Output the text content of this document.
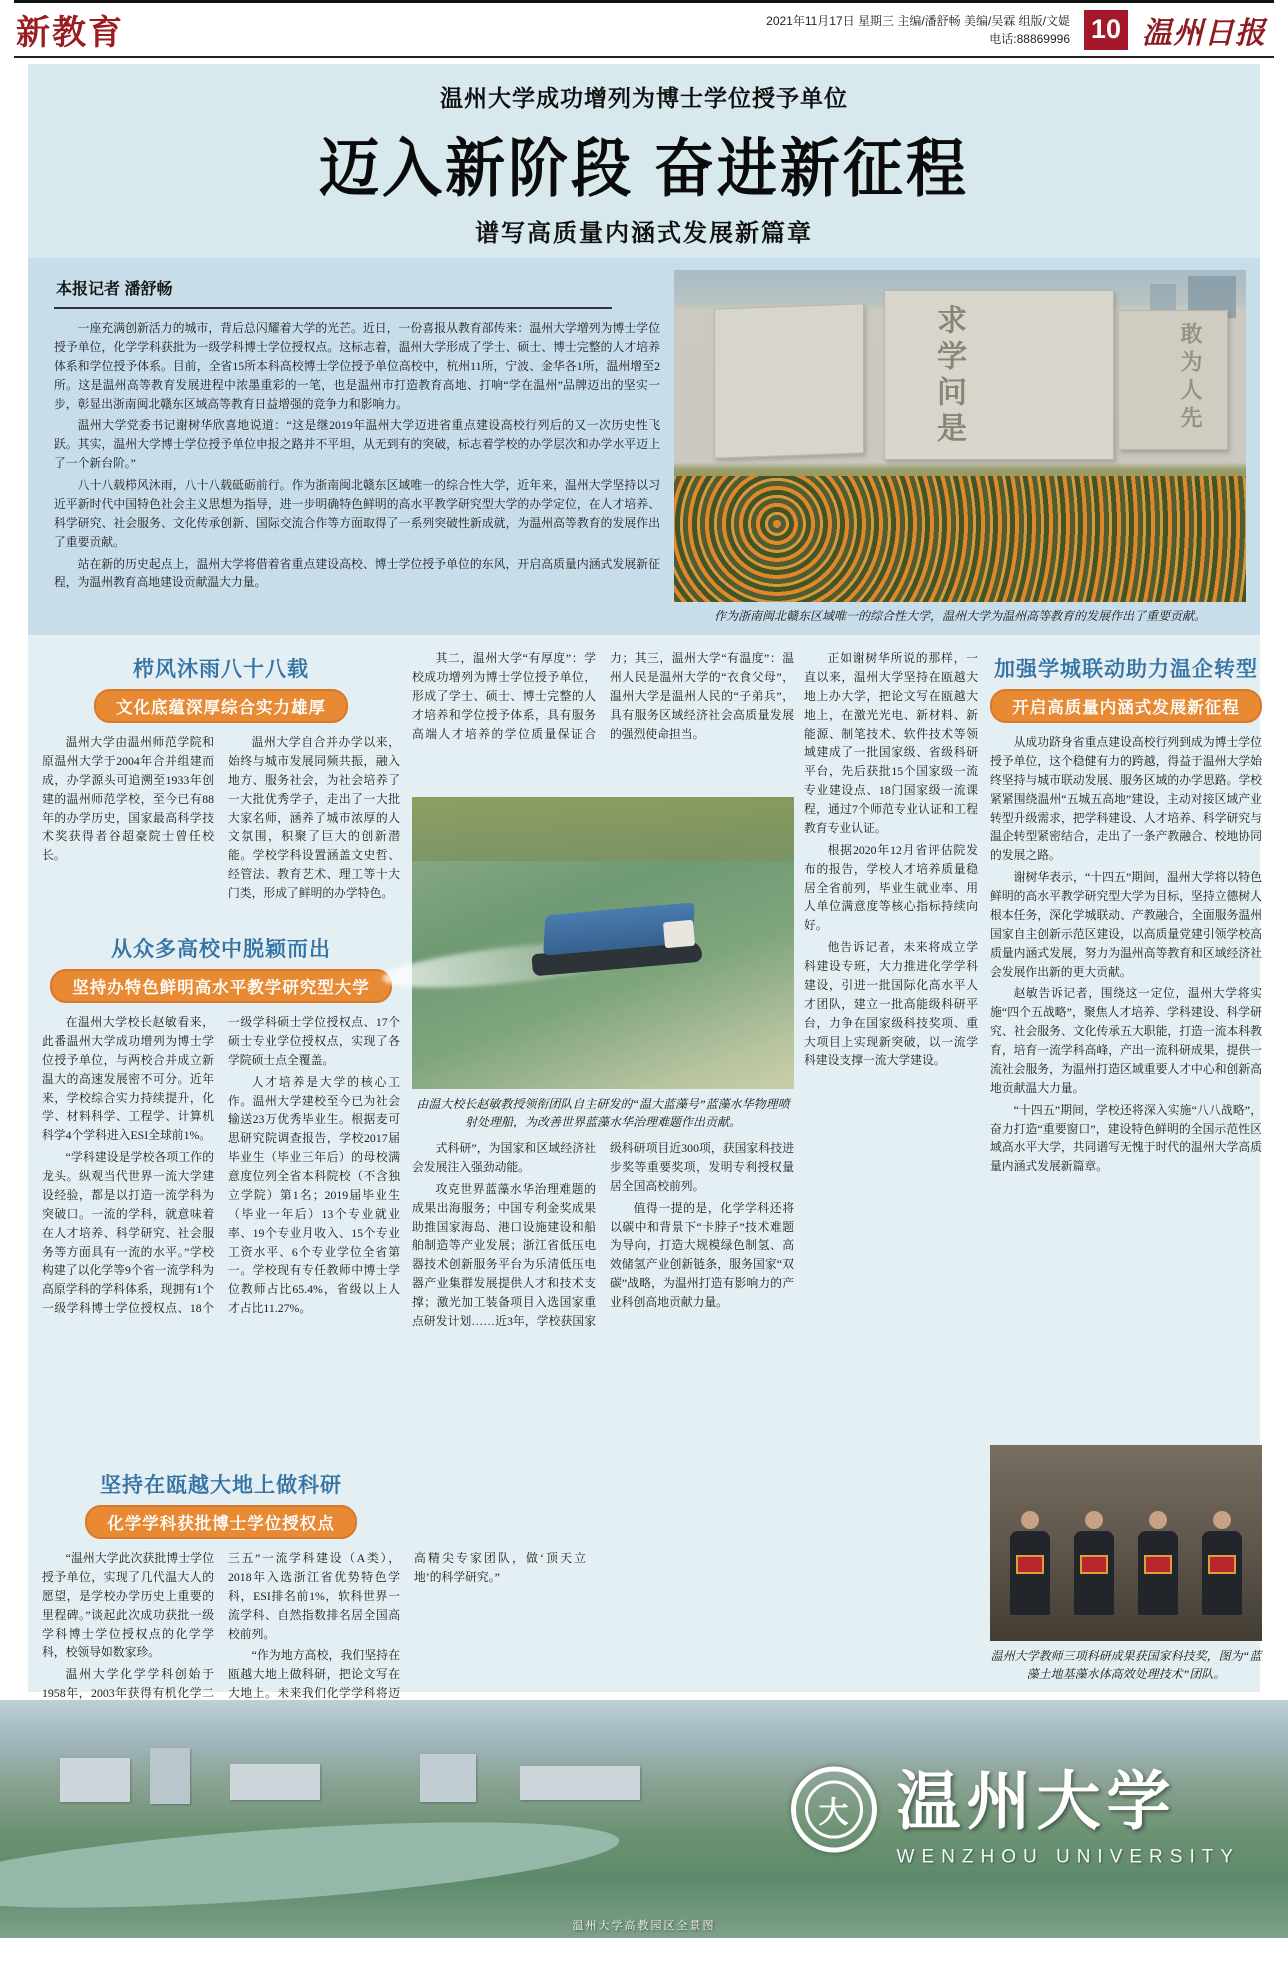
新教育	2021年11月17日 星期三 主编/潘舒畅 美编/吴霖 组版/文媞
电话:88869996 10 温州日报
温州大学成功增列为博士学位授予单位
迈入新阶段 奋进新征程
谱写高质量内涵式发展新篇章
本报记者 潘舒畅

一座充满创新活力的城市，背后总闪耀着大学的光芒。近日，一份喜报从教育部传来：温州大学增列为博士学位授予单位，化学学科获批为一级学科博士学位授权点。这标志着，温州大学形成了学士、硕士、博士完整的人才培养体系和学位授予体系。目前，全省15所本科高校博士学位授予单位高校中，杭州11所，宁波、金华各1所，温州增至2所。这是温州高等教育发展进程中浓墨重彩的一笔，也是温州市打造教育高地、打响“学在温州”品牌迈出的坚实一步，彰显出浙南闽北赣东区域高等教育日益增强的竞争力和影响力。

温州大学党委书记谢树华欣喜地说道：“这是继2019年温州大学迈进省重点建设高校行列后的又一次历史性飞跃。其实，温州大学博士学位授予单位申报之路并不平坦，从无到有的突破，标志着学校的办学层次和办学水平迈上了一个新台阶。”

八十八载栉风沐雨，八十八载砥砺前行。作为浙南闽北赣东区域唯一的综合性大学，近年来，温州大学坚持以习近平新时代中国特色社会主义思想为指导，进一步明确特色鲜明的高水平教学研究型大学的办学定位，在人才培养、科学研究、社会服务、文化传承创新、国际交流合作等方面取得了一系列突破性新成就，为温州高等教育的发展作出了重要贡献。

站在新的历史起点上，温州大学将借着省重点建设高校、博士学位授予单位的东风，开启高质量内涵式发展新征程，为温州教育高地建设贡献温大力量。

求学问是	敢为人先
作为浙南闽北赣东区域唯一的综合性大学，温州大学为温州高等教育的发展作出了重要贡献。
栉风沐雨八十八载
文化底蕴深厚综合实力雄厚

温州大学由温州师范学院和原温州大学于2004年合并组建而成，办学源头可追溯至1933年创建的温州师范学校，至今已有88年的办学历史，国家最高科学技术奖获得者谷超豪院士曾任校长。

温州大学自合并办学以来，始终与城市发展同频共振，融入地方、服务社会，为社会培养了一大批优秀学子，走出了一大批大家名师，涵养了城市浓厚的人文氛围，积聚了巨大的创新潜能。学校学科设置涵盖文史哲、经管法、教育艺术、理工等十大门类，形成了鲜明的办学特色。

从众多高校中脱颖而出
坚持办特色鲜明高水平教学研究型大学

在温州大学校长赵敏看来，此番温州大学成功增列为博士学位授予单位，与两校合并成立新温大的高速发展密不可分。近年来，学校综合实力持续提升，化学、材料科学、工程学、计算机科学4个学科进入ESI全球前1%。

“学科建设是学校各项工作的龙头。纵观当代世界一流大学建设经验，都是以打造一流学科为突破口。一流的学科，就意味着在人才培养、科学研究、社会服务等方面具有一流的水平。”学校构建了以化学等9个省一流学科为高原学科的学科体系，现拥有1个一级学科博士学位授权点、18个一级学科硕士学位授权点、17个硕士专业学位授权点，实现了各学院硕士点全覆盖。

人才培养是大学的核心工作。温州大学建校至今已为社会输送23万优秀毕业生。根据麦可思研究院调查报告，学校2017届毕业生（毕业三年后）的母校满意度位列全省本科院校（不含独立学院）第1名；2019届毕业生（毕业一年后）13个专业就业率、19个专业月收入、15个专业工资水平、6个专业学位全省第一。学校现有专任教师中博士学位教师占比65.4%，省级以上人才占比11.27%。

坚持在瓯越大地上做科研
化学学科获批博士学位授权点

“温州大学此次获批博士学位授予单位，实现了几代温大人的愿望，是学校办学历史上重要的里程碑。”谈起此次成功获批一级学科博士学位授权点的化学学科，校领导如数家珍。

温州大学化学学科创始于1958年，2003年获得有机化学二 三五”一流学科建设（A类），2018年入选浙江省优势特色学科，ESI排名前1%，软科世界一流学科、自然指数排名居全国高校前列。

“作为地方高校，我们坚持在瓯越大地上做科研，把论文写在大地上。未来我们化学学科将迈 高精尖专家团队，做‘顶天立地’的科学研究。”

其二，温州大学“有厚度”：学校成功增列为博士学位授予单位，形成了学士、硕士、博士完整的人才培养和学位授予体系，具有服务高端人才培养的学位质量保证合力；其三，温州大学“有温度”：温州人民是温州大学的“衣食父母”，温州大学是温州人民的“子弟兵”，具有服务区域经济社会高质量发展的强烈使命担当。

由温大校长赵敏教授领衔团队自主研发的“温大蓝藻号”蓝藻水华物理喷射处理船，为改善世界蓝藻水华治理难题作出贡献。

式科研”，为国家和区域经济社会发展注入强劲动能。

攻克世界蓝藻水华治理难题的成果出海服务；中国专利金奖成果助推国家海岛、港口设施建设和船舶制造等产业发展；浙江省低压电器技术创新服务平台为乐清低压电器产业集群发展提供人才和技术支撑；激光加工装备项目入选国家重点研发计划……近3年，学校获国家级科研项目近300项，获国家科技进步奖等重要奖项，发明专利授权量居全国高校前列。

值得一提的是，化学学科还将以碳中和背景下“卡脖子”技术难题为导向，打造大规模绿色制氢、高效储氢产业创新链条，服务国家“双碳”战略，为温州打造有影响力的产业科创高地贡献力量。

正如谢树华所说的那样，一直以来，温州大学坚持在瓯越大地上办大学，把论文写在瓯越大地上，在激光光电、新材料、新能源、制笔技术、软件技术等领域建成了一批国家级、省级科研平台，先后获批15个国家级一流专业建设点、18门国家级一流课程，通过7个师范专业认证和工程教育专业认证。

根据2020年12月省评估院发布的报告，学校人才培养质量稳居全省前列，毕业生就业率、用人单位满意度等核心指标持续向好。

他告诉记者，未来将成立学科建设专班，大力推进化学学科建设，引进一批国际化高水平人才团队，建立一批高能级科研平台，力争在国家级科技奖项、重大项目上实现新突破，以一流学科建设支撑一流大学建设。

加强学城联动助力温企转型
开启高质量内涵式发展新征程

从成功跻身省重点建设高校行列到成为博士学位授予单位，这个稳健有力的跨越，得益于温州大学始终坚持与城市联动发展、服务区域的办学思路。学校紧紧围绕温州“五城五高地”建设，主动对接区域产业转型升级需求，把学科建设、人才培养、科学研究与温企转型紧密结合，走出了一条产教融合、校地协同的发展之路。

谢树华表示，“十四五”期间，温州大学将以特色鲜明的高水平教学研究型大学为目标，坚持立德树人根本任务，深化学城联动、产教融合，全面服务温州国家自主创新示范区建设，以高质量党建引领学校高质量内涵式发展，努力为温州高等教育和区域经济社会发展作出新的更大贡献。

赵敏告诉记者，围绕这一定位，温州大学将实施“四个五战略”，聚焦人才培养、学科建设、科学研究、社会服务、文化传承五大职能，打造一流本科教育，培育一流学科高峰，产出一流科研成果，提供一流社会服务，为温州打造区域重要人才中心和创新高地贡献温大力量。

“十四五”期间，学校还将深入实施“八八战略”，奋力打造“重要窗口”，建设特色鲜明的全国示范性区域高水平大学，共同谱写无愧于时代的温州大学高质量内涵式发展新篇章。

温州大学教师三项科研成果获国家科技奖，图为“蓝藻土地基藻水体高效处理技术”团队。
大 温州大学
WENZHOU UNIVERSITY
温州大学高教园区全景图
